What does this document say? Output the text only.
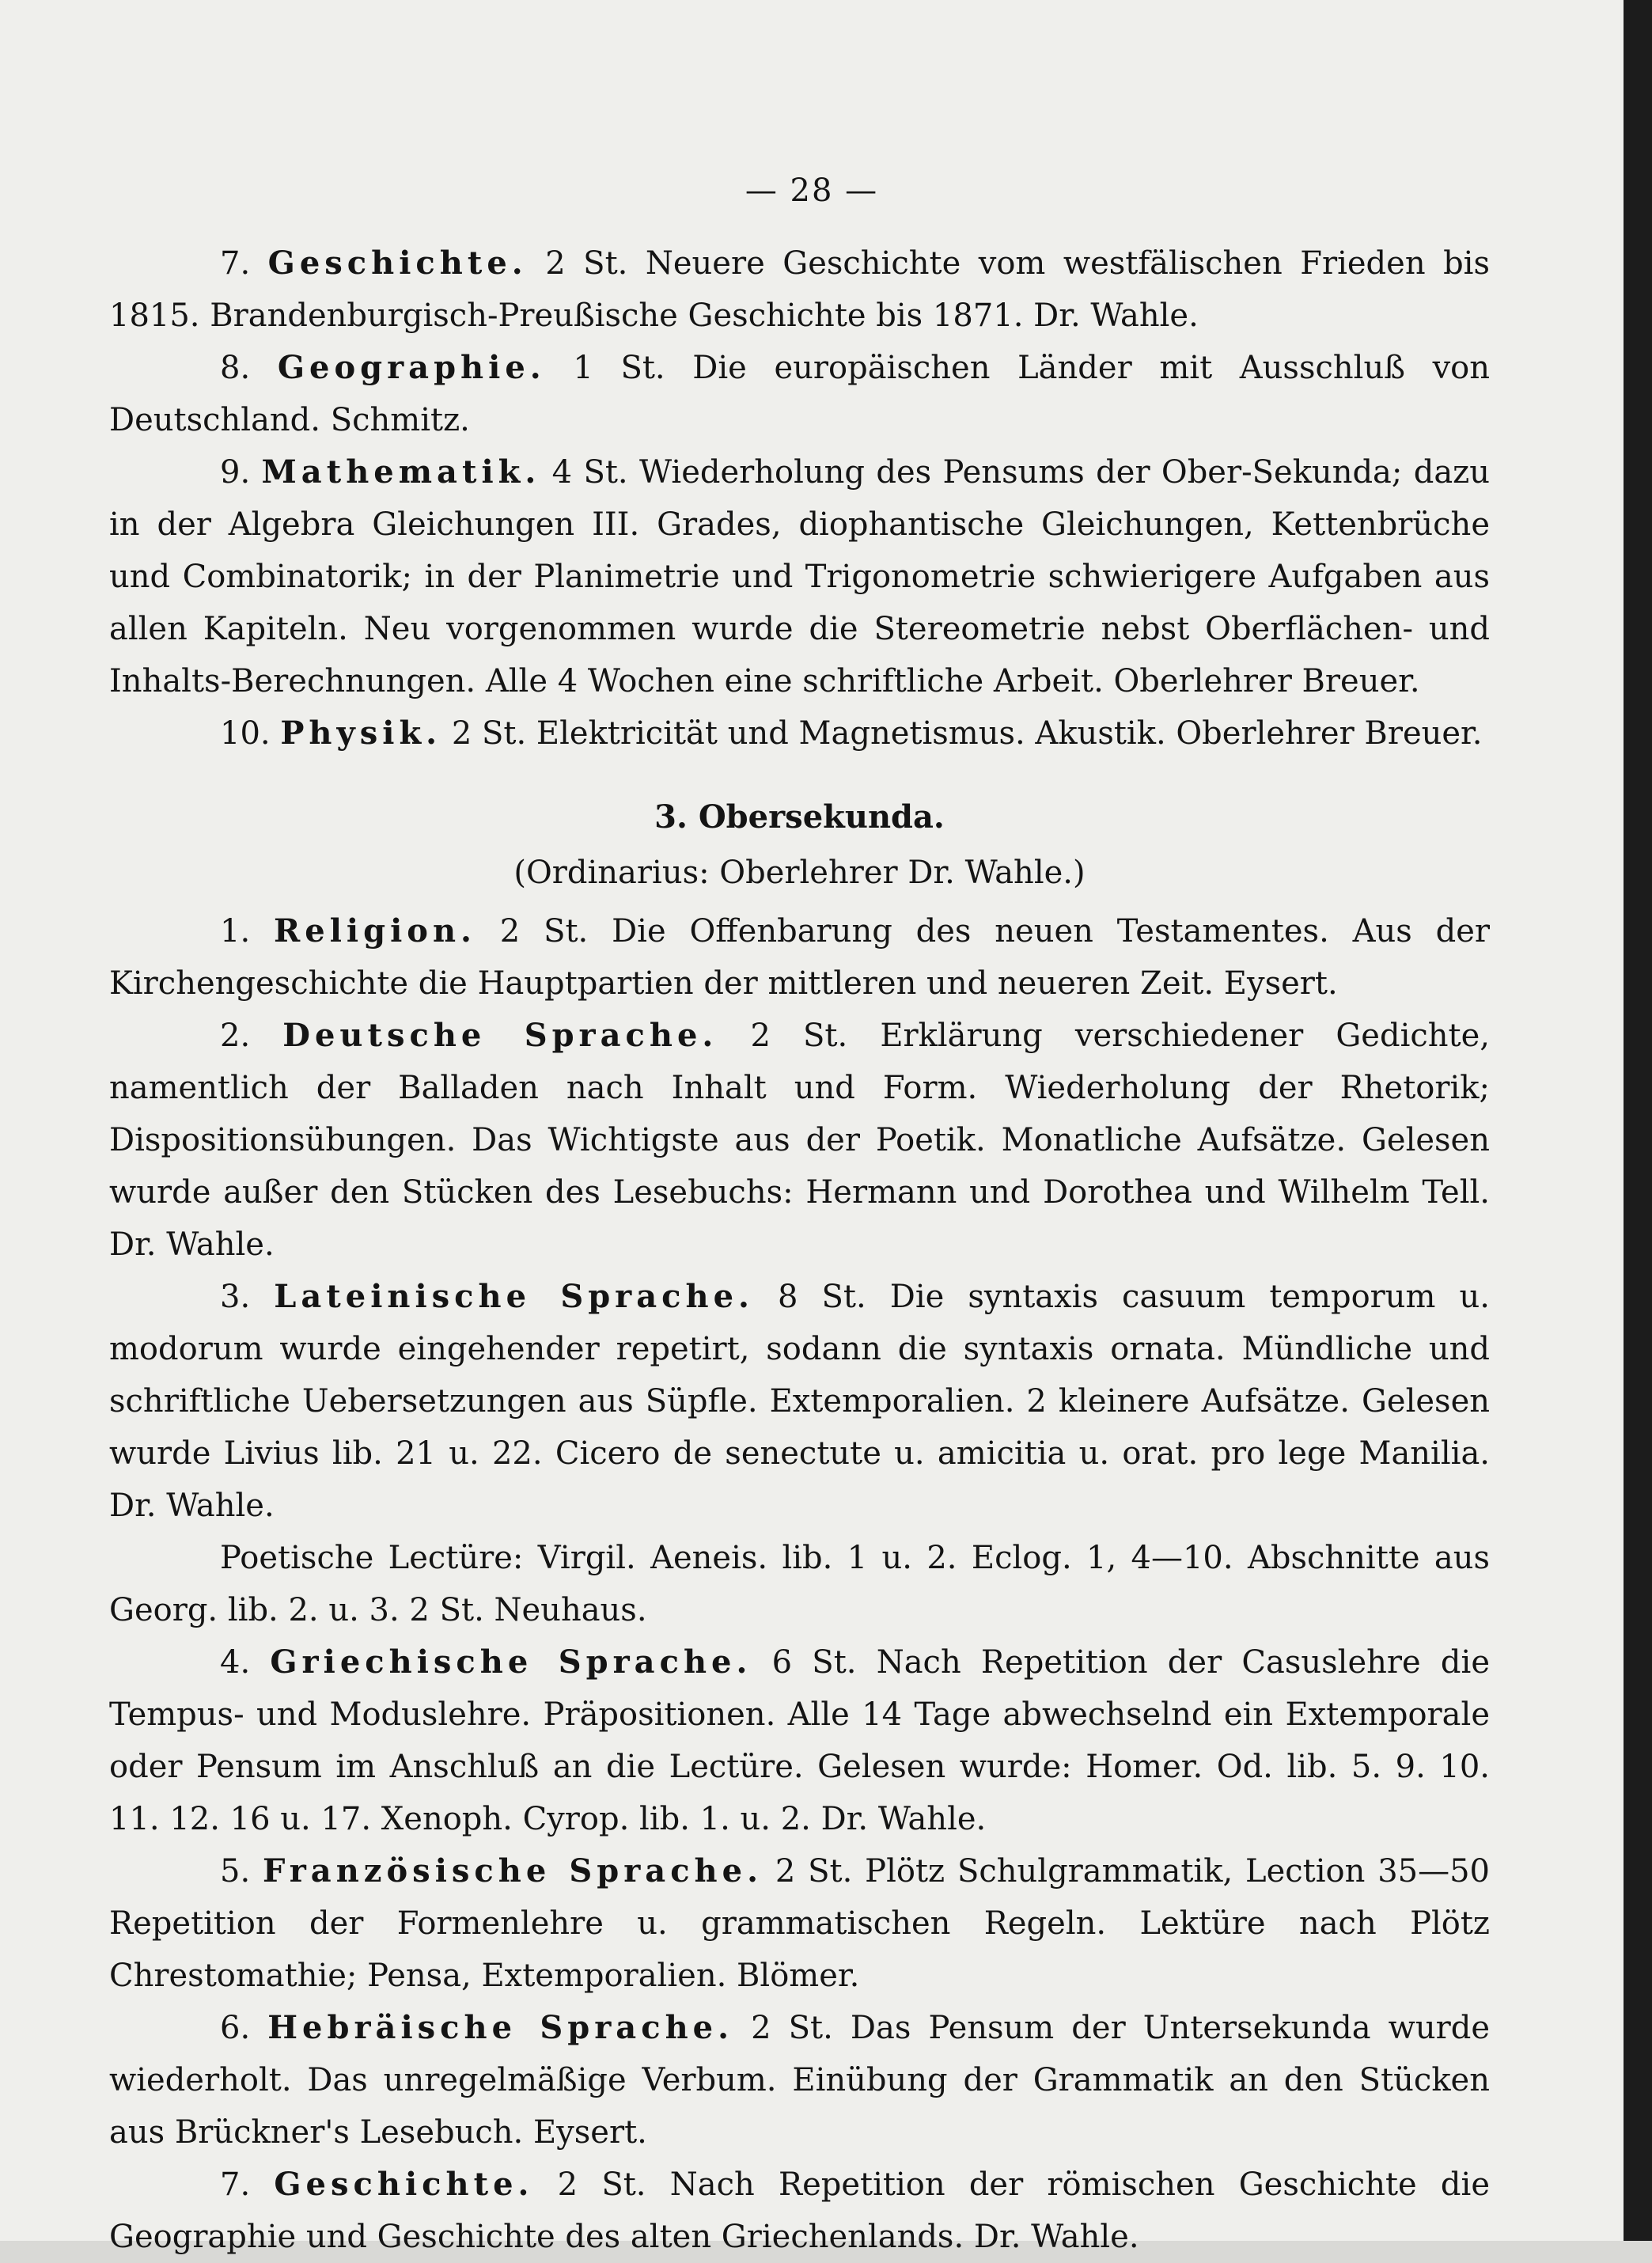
— 28 —

7. Geschichte. 2 St. Neuere Geschichte vom westfälischen Frieden bis 1815. Brandenburgisch-Preußische Geschichte bis 1871. Dr. Wahle.

8. Geographie. 1 St. Die europäischen Länder mit Ausschluß von Deutschland. Schmitz.

9. Mathematik. 4 St. Wiederholung des Pensums der Ober-Sekunda; dazu in der Algebra Gleichungen III. Grades, diophantische Gleichungen, Kettenbrüche und Combinatorik; in der Planimetrie und Trigonometrie schwierigere Aufgaben aus allen Kapiteln. Neu vorgenommen wurde die Stereometrie nebst Oberflächen- und Inhalts-Berechnungen. Alle 4 Wochen eine schriftliche Arbeit. Oberlehrer Breuer.

10. Physik. 2 St. Elektricität und Magnetismus. Akustik. Oberlehrer Breuer.

3. Obersekunda.

(Ordinarius: Oberlehrer Dr. Wahle.)

1. Religion. 2 St. Die Offenbarung des neuen Testamentes. Aus der Kirchengeschichte die Hauptpartien der mittleren und neueren Zeit. Eysert.

2. Deutsche Sprache. 2 St. Erklärung verschiedener Gedichte, namentlich der Balladen nach Inhalt und Form. Wiederholung der Rhetorik; Dispositionsübungen. Das Wichtigste aus der Poetik. Monatliche Aufsätze. Gelesen wurde außer den Stücken des Lesebuchs: Hermann und Dorothea und Wilhelm Tell. Dr. Wahle.

3. Lateinische Sprache. 8 St. Die syntaxis casuum temporum u. modorum wurde eingehender repetirt, sodann die syntaxis ornata. Mündliche und schriftliche Uebersetzungen aus Süpfle. Extemporalien. 2 kleinere Aufsätze. Gelesen wurde Livius lib. 21 u. 22. Cicero de senectute u. amicitia u. orat. pro lege Manilia. Dr. Wahle.

Poetische Lectüre: Virgil. Aeneis. lib. 1 u. 2. Eclog. 1, 4—10. Abschnitte aus Georg. lib. 2. u. 3. 2 St. Neuhaus.

4. Griechische Sprache. 6 St. Nach Repetition der Casuslehre die Tempus- und Moduslehre. Präpositionen. Alle 14 Tage abwechselnd ein Extemporale oder Pensum im Anschluß an die Lectüre. Gelesen wurde: Homer. Od. lib. 5. 9. 10. 11. 12. 16 u. 17. Xenoph. Cyrop. lib. 1. u. 2. Dr. Wahle.

5. Französische Sprache. 2 St. Plötz Schulgrammatik, Lection 35—50 Repetition der Formenlehre u. grammatischen Regeln. Lektüre nach Plötz Chrestomathie; Pensa, Extemporalien. Blömer.

6. Hebräische Sprache. 2 St. Das Pensum der Untersekunda wurde wiederholt. Das unregelmäßige Verbum. Einübung der Grammatik an den Stücken aus Brückner's Lesebuch. Eysert.

7. Geschichte. 2 St. Nach Repetition der römischen Geschichte die Geographie und Geschichte des alten Griechenlands. Dr. Wahle.
